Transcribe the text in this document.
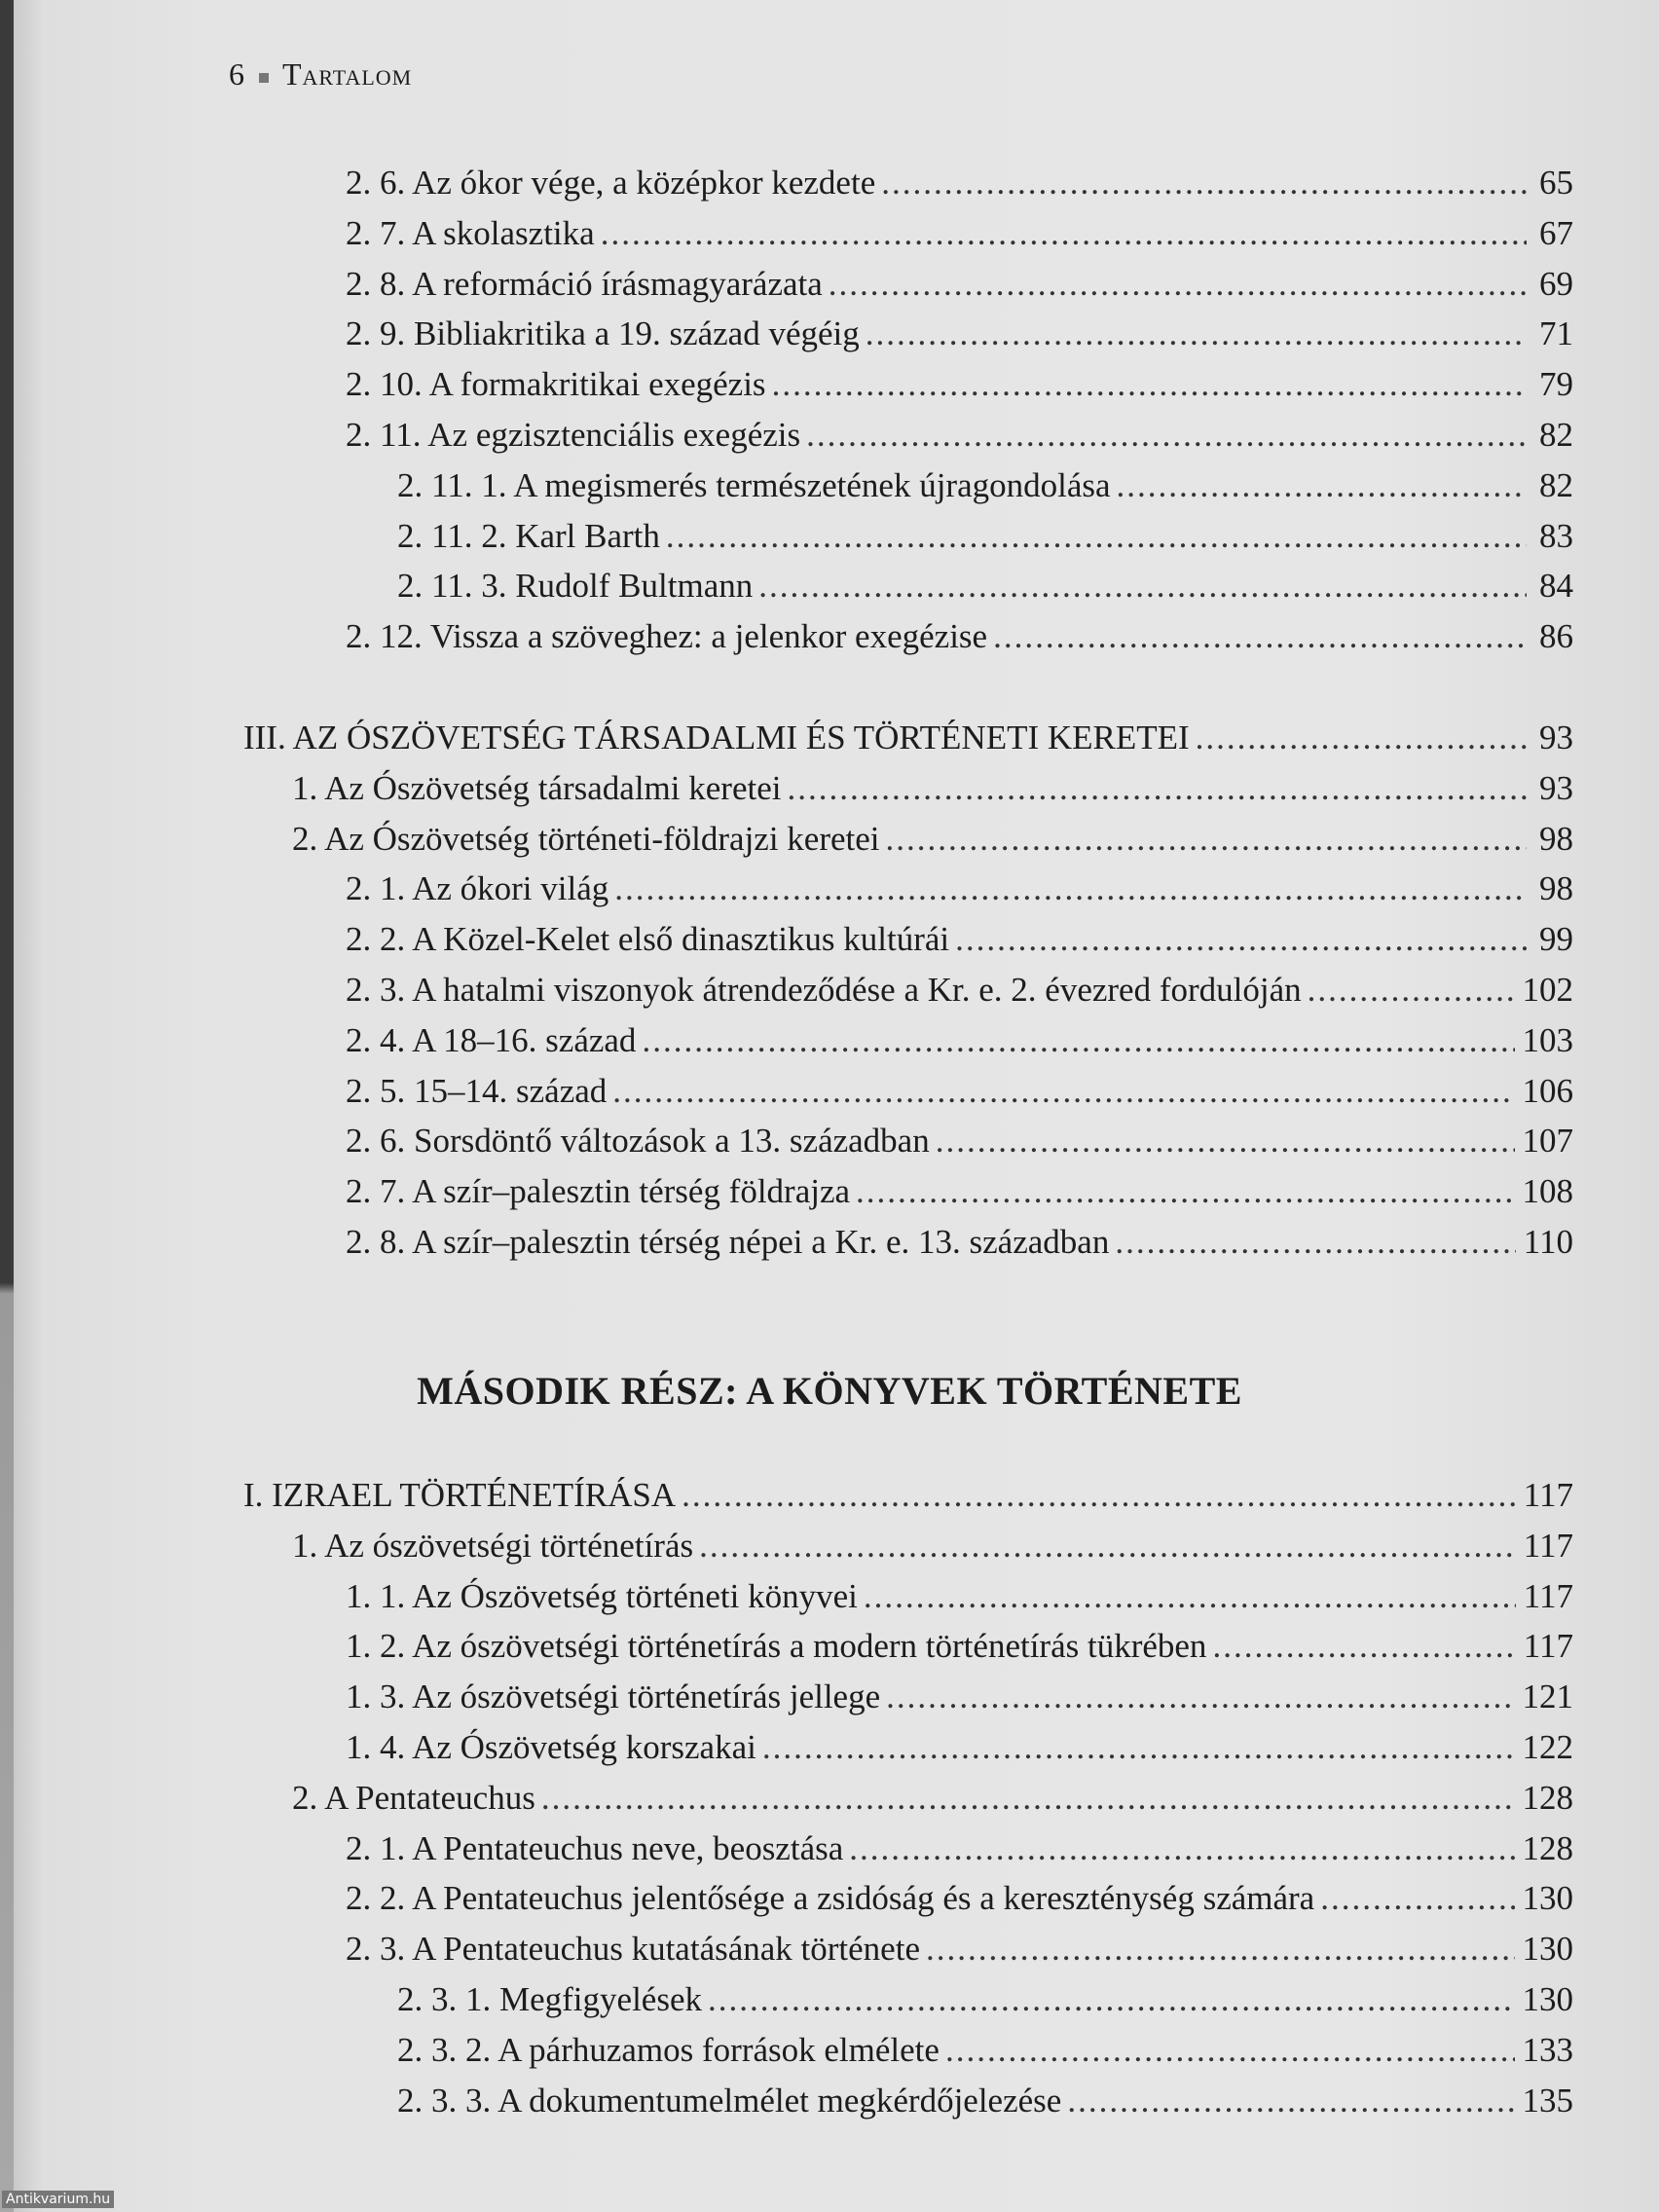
6 Tartalom
2. 6. Az ókor vége, a középkor kezdete .....	65
2. 7. A skolasztika .....	67
2. 8. A reformáció írásmagyarázata .....	69
2. 9. Bibliakritika a 19. század végéig .....	71
2. 10. A formakritikai exegézis .....	79
2. 11. Az egzisztenciális exegézis .....	82
2. 11. 1. A megismerés természetének újragondolása .....	82
2. 11. 2. Karl Barth .....	83
2. 11. 3. Rudolf Bultmann .....	84
2. 12. Vissza a szöveghez: a jelenkor exegézise .....	86
III. AZ ÓSZÖVETSÉG TÁRSADALMI ÉS TÖRTÉNETI KERETEI .....	93
1. Az Ószövetség társadalmi keretei .....	93
2. Az Ószövetség történeti-földrajzi keretei .....	98
2. 1. Az ókori világ .....	98
2. 2. A Közel-Kelet első dinasztikus kultúrái .....	99
2. 3. A hatalmi viszonyok átrendeződése a Kr. e. 2. évezred fordulóján .....	102
2. 4. A 18–16. század .....	103
2. 5. 15–14. század .....	106
2. 6. Sorsdöntő változások a 13. században .....	107
2. 7. A szír–palesztin térség földrajza .....	108
2. 8. A szír–palesztin térség népei a Kr. e. 13. században .....	110
MÁSODIK RÉSZ: A KÖNYVEK TÖRTÉNETE
I. IZRAEL TÖRTÉNETÍRÁSA .....	117
1. Az ószövetségi történetírás .....	117
1. 1. Az Ószövetség történeti könyvei .....	117
1. 2. Az ószövetségi történetírás a modern történetírás tükrében .....	117
1. 3. Az ószövetségi történetírás jellege .....	121
1. 4. Az Ószövetség korszakai .....	122
2. A Pentateuchus .....	128
2. 1. A Pentateuchus neve, beosztása .....	128
2. 2. A Pentateuchus jelentősége a zsidóság és a kereszténység számára .....	130
2. 3. A Pentateuchus kutatásának története .....	130
2. 3. 1. Megfigyelések .....	130
2. 3. 2. A párhuzamos források elmélete .....	133
2. 3. 3. A dokumentumelmélet megkérdőjelezése .....	135
Antikvarium.hu
